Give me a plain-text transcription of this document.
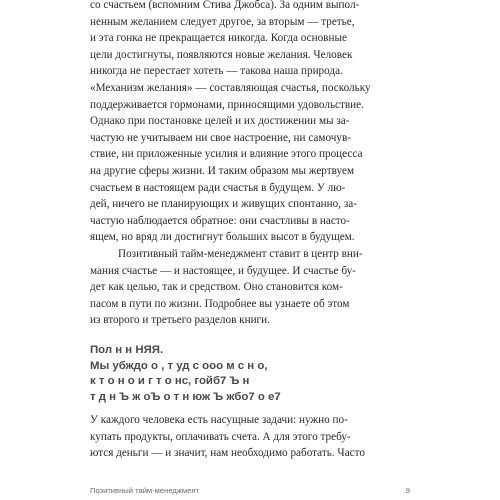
со счастьем (вспомним Стива Джобса). За одним выпол-
ненным желанием следует другое, за вторым — третье,
и эта гонка не прекращается никогда. Когда основные
цели достигнуты, появляются новые желания. Человек
никогда не перестает хотеть — такова наша природа.
«Механизм желания» — составляющая счастья, поскольку
поддерживается гормонами, приносящими удовольствие.
Однако при постановке целей и их достижении мы за-
частую не учитываем ни свое настроение, ни самочув-
ствие, ни приложенные усилия и влияние этого процесса
на другие сферы жизни. И таким образом мы жертвуем
счастьем в настоящем ради счастья в будущем. У лю-
дей, ничего не планирующих и живущих спонтанно, за-
частую наблюдается обратное: они счастливы в насто-
ящем, но вряд ли достигнут больших высот в будущем.
Позитивный тайм-менеджмент ставит в центр вни-
мания счастье — и настоящее, и будущее. И счастье бу-
дет как целью, так и средством. Оно становится ком-
пасом в пути по жизни. Подробнее вы узнаете об этом
из второго и третьего разделов книги.
Пол н н НЯЯ.
Мы убждо о , т уд с ооо м с н о,
к т о н о и г т о нс, гойб7 Ъ н
т д н Ъ ж оЪ о т н юж Ъ жбо7 о е7
У каждого человека есть насущные задачи: нужно по-
купать продукты, оплачивать счета. А для этого требу-
ются деньги — и значит, нам необходимо работать. Часто
Позитивный тайм-менеджмент	9
